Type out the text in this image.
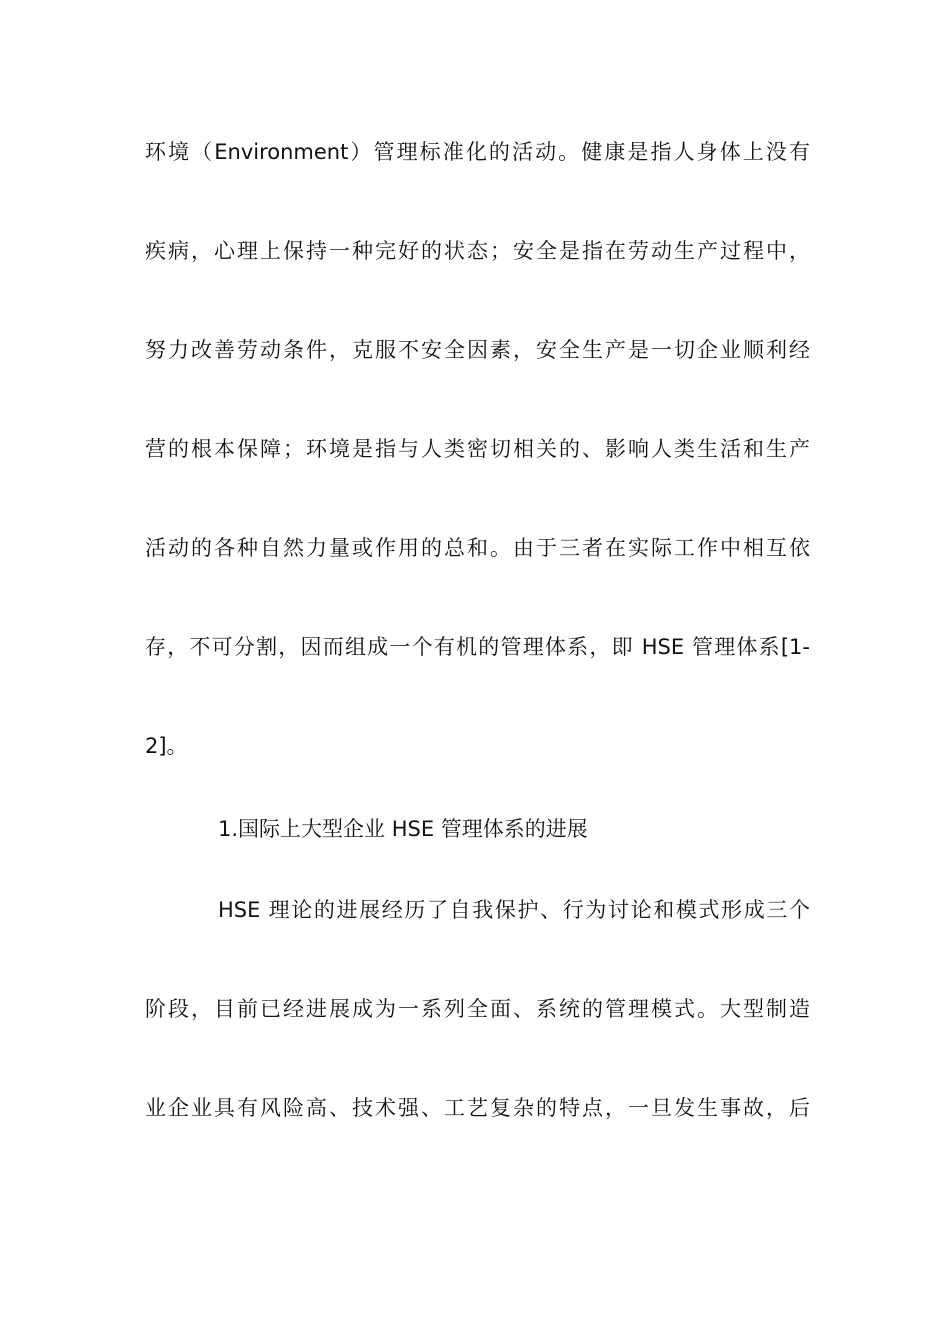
环境（Environment）管理标准化的活动。健康是指人身体上没有
疾病，心理上保持一种完好的状态；安全是指在劳动生产过程中，
努力改善劳动条件，克服不安全因素，安全生产是一切企业顺利经
营的根本保障；环境是指与人类密切相关的、影响人类生活和生产
活动的各种自然力量或作用的总和。由于三者在实际工作中相互依
存，不可分割，因而组成一个有机的管理体系，即 HSE 管理体系[1-
2]。
1.国际上大型企业 HSE 管理体系的进展
HSE 理论的进展经历了自我保护、行为讨论和模式形成三个
阶段，目前已经进展成为一系列全面、系统的管理模式。大型制造
业企业具有风险高、技术强、工艺复杂的特点，一旦发生事故，后
